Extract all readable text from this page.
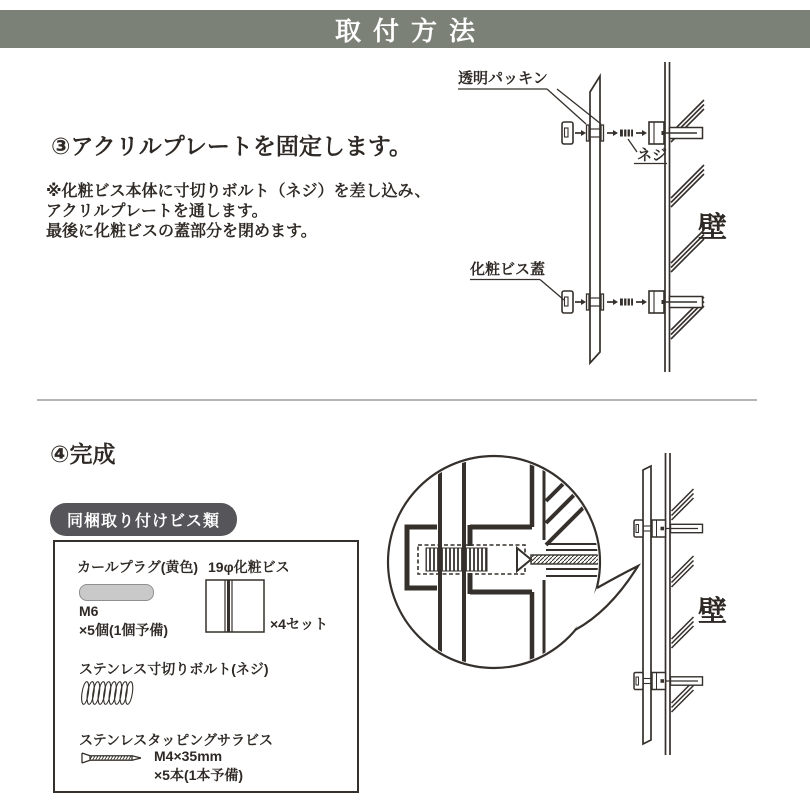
取付方法
③アクリルプレートを固定します。
※化粧ビス本体に寸切りボルト（ネジ）を差し込み、
アクリルプレートを通します。
最後に化粧ビスの蓋部分を閉めます。
透明パッキン
ネジ
化粧ビス蓋
壁
④完成
同梱取り付けビス類
カールプラグ(黄色)
M6
×5個(1個予備)
19φ化粧ビス
×4セット
ステンレス寸切りボルト(ネジ)
ステンレスタッピングサラビス
M4×35mm
×5本(1本予備)
壁
